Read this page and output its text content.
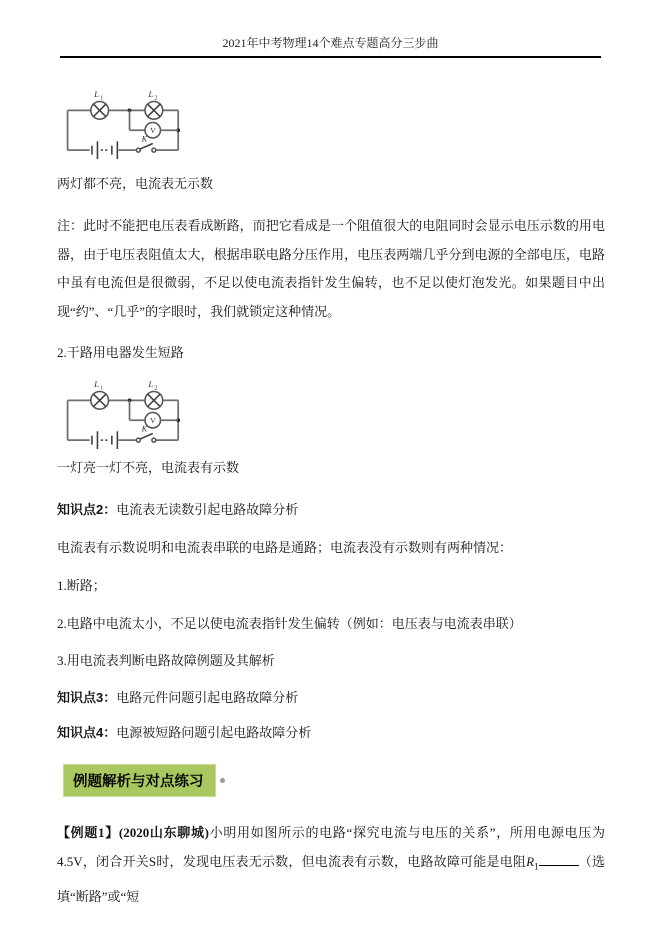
2021年中考物理14个难点专题高分三步曲
L 1	L 2
V
K

两灯都不亮，电流表无示数

注：此时不能把电压表看成断路，而把它看成是一个阻值很大的电阻同时会显示电压示数的用电器，由于电压表阻值太大，根据串联电路分压作用，电压表两端几乎分到电源的全部电压，电路中虽有电流但是很微弱，不足以使电流表指针发生偏转，也不足以使灯泡发光。如果题目中出现“约”、“几乎”的字眼时，我们就锁定这种情况。

2.干路用电器发生短路

L 1	L 2
V
K

一灯亮一灯不亮，电流表有示数

知识点2：电流表无读数引起电路故障分析

电流表有示数说明和电流表串联的电路是通路；电流表没有示数则有两种情况：

1.断路；

2.电路中电流太小，不足以使电流表指针发生偏转（例如：电压表与电流表串联）

3.用电流表判断电路故障例题及其解析

知识点3：电路元件问题引起电路故障分析

知识点4：电源被短路问题引起电路故障分析

例题解析与对点练习

【例题1】(2020山东聊城)小明用如图所示的电路“探究电流与电压的关系”，所用电源电压为4.5V，闭合开关S时，发现电压表无示数，但电流表有示数，电路故障可能是电阻$R_1$	（选填“断路”或“短
